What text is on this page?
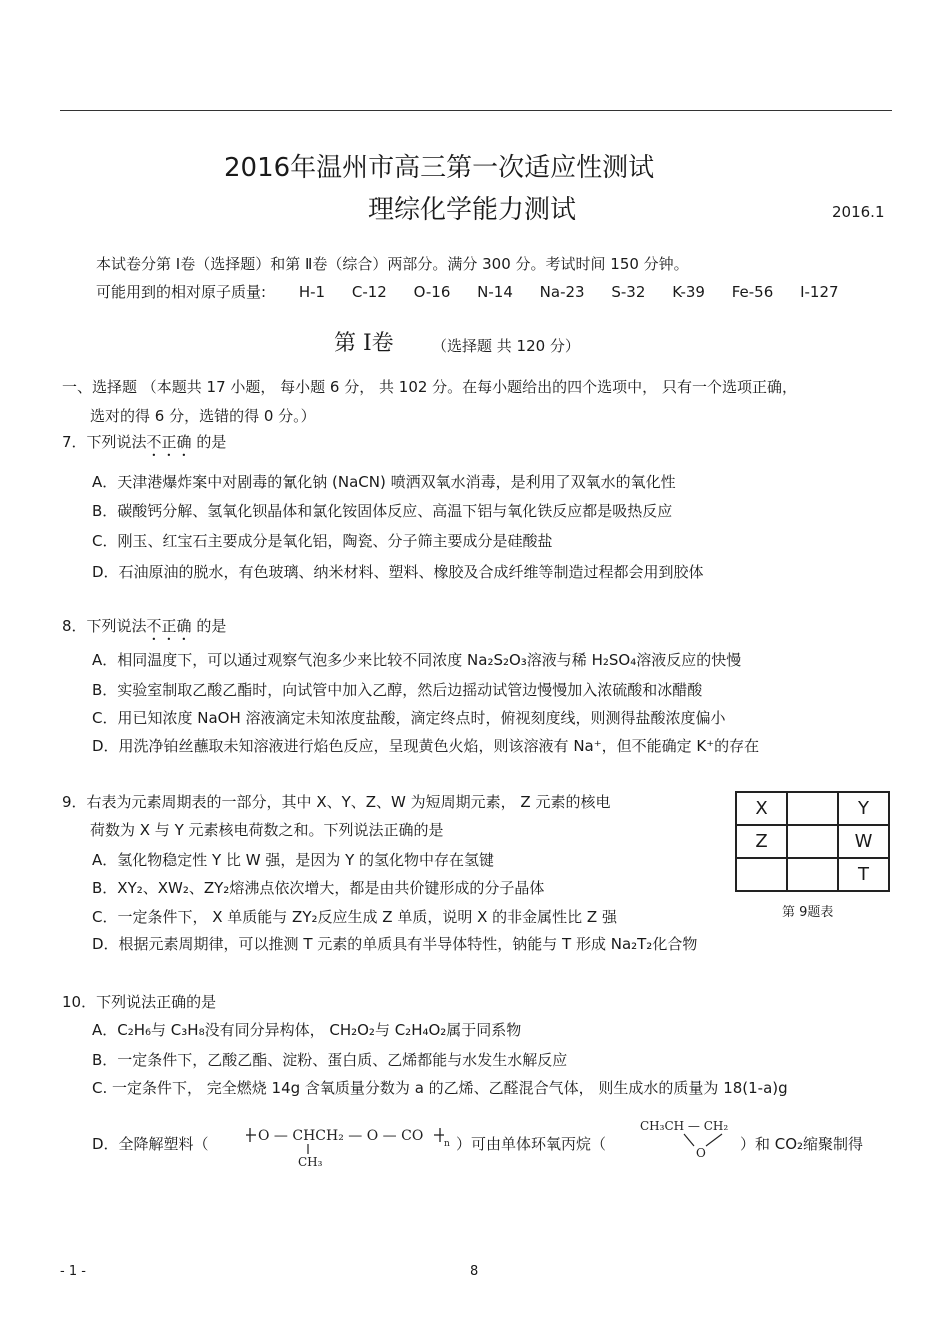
2016年温州市高三第一次适应性测试
理综化学能力测试	2016.1
本试卷分第 Ⅰ卷（选择题）和第 Ⅱ卷（综合）两部分。满分 300 分。考试时间 150 分钟。
可能用到的相对原子质量: H-1 C-12 O-16 N-14 Na-23 S-32 K-39 Fe-56 I-127
第 Ⅰ卷	（选择题 共 120 分）
一、选择题 （本题共 17 小题， 每小题 6 分， 共 102 分。在每小题给出的四个选项中， 只有一个选项正确，
选对的得 6 分，选错的得 0 分。）
7．下列说法不正确 的是
A．天津港爆炸案中对剧毒的氰化钠 (NaCN) 喷洒双氧水消毒，是利用了双氧水的氧化性
B．碳酸钙分解、氢氧化钡晶体和氯化铵固体反应、高温下铝与氧化铁反应都是吸热反应
C．刚玉、红宝石主要成分是氧化铝，陶瓷、分子筛主要成分是硅酸盐
D．石油原油的脱水，有色玻璃、纳米材料、塑料、橡胶及合成纤维等制造过程都会用到胶体
8．下列说法不正确 的是
A．相同温度下，可以通过观察气泡多少来比较不同浓度 Na₂S₂O₃溶液与稀 H₂SO₄溶液反应的快慢
B．实验室制取乙酸乙酯时，向试管中加入乙醇，然后边摇动试管边慢慢加入浓硫酸和冰醋酸
C．用已知浓度 NaOH 溶液滴定未知浓度盐酸，滴定终点时，俯视刻度线，则测得盐酸浓度偏小
D．用洗净铂丝蘸取未知溶液进行焰色反应，呈现黄色火焰，则该溶液有 Na⁺，但不能确定 K⁺的存在
9．右表为元素周期表的一部分，其中 X、Y、Z、W 为短周期元素， Z 元素的核电
荷数为 X 与 Y 元素核电荷数之和。下列说法正确的是
A．氢化物稳定性 Y 比 W 强，是因为 Y 的氢化物中存在氢键
B．XY₂、XW₂、ZY₂熔沸点依次增大，都是由共价键形成的分子晶体
C．一定条件下， X 单质能与 ZY₂反应生成 Z 单质，说明 X 的非金属性比 Z 强
D．根据元素周期律，可以推测 T 元素的单质具有半导体特性，钠能与 T 形成 Na₂T₂化合物
X		Y
Z		W
		T
第 9题表
10．下列说法正确的是
A．C₂H₆与 C₃H₈没有同分异构体， CH₂O₂与 C₂H₄O₂属于同系物
B．一定条件下，乙酸乙酯、淀粉、蛋白质、乙烯都能与水发生水解反应
C. 一定条件下， 完全燃烧 14g 含氧质量分数为 a 的乙烯、乙醛混合气体， 则生成水的质量为 18(1-a)g
D．全降解塑料（	O — CHCH₂ — O — CO n
CH₃
）可由单体环氧丙烷（
CH₃CH — CH₂
O ）和 CO₂缩聚制得
- 1 -	8
